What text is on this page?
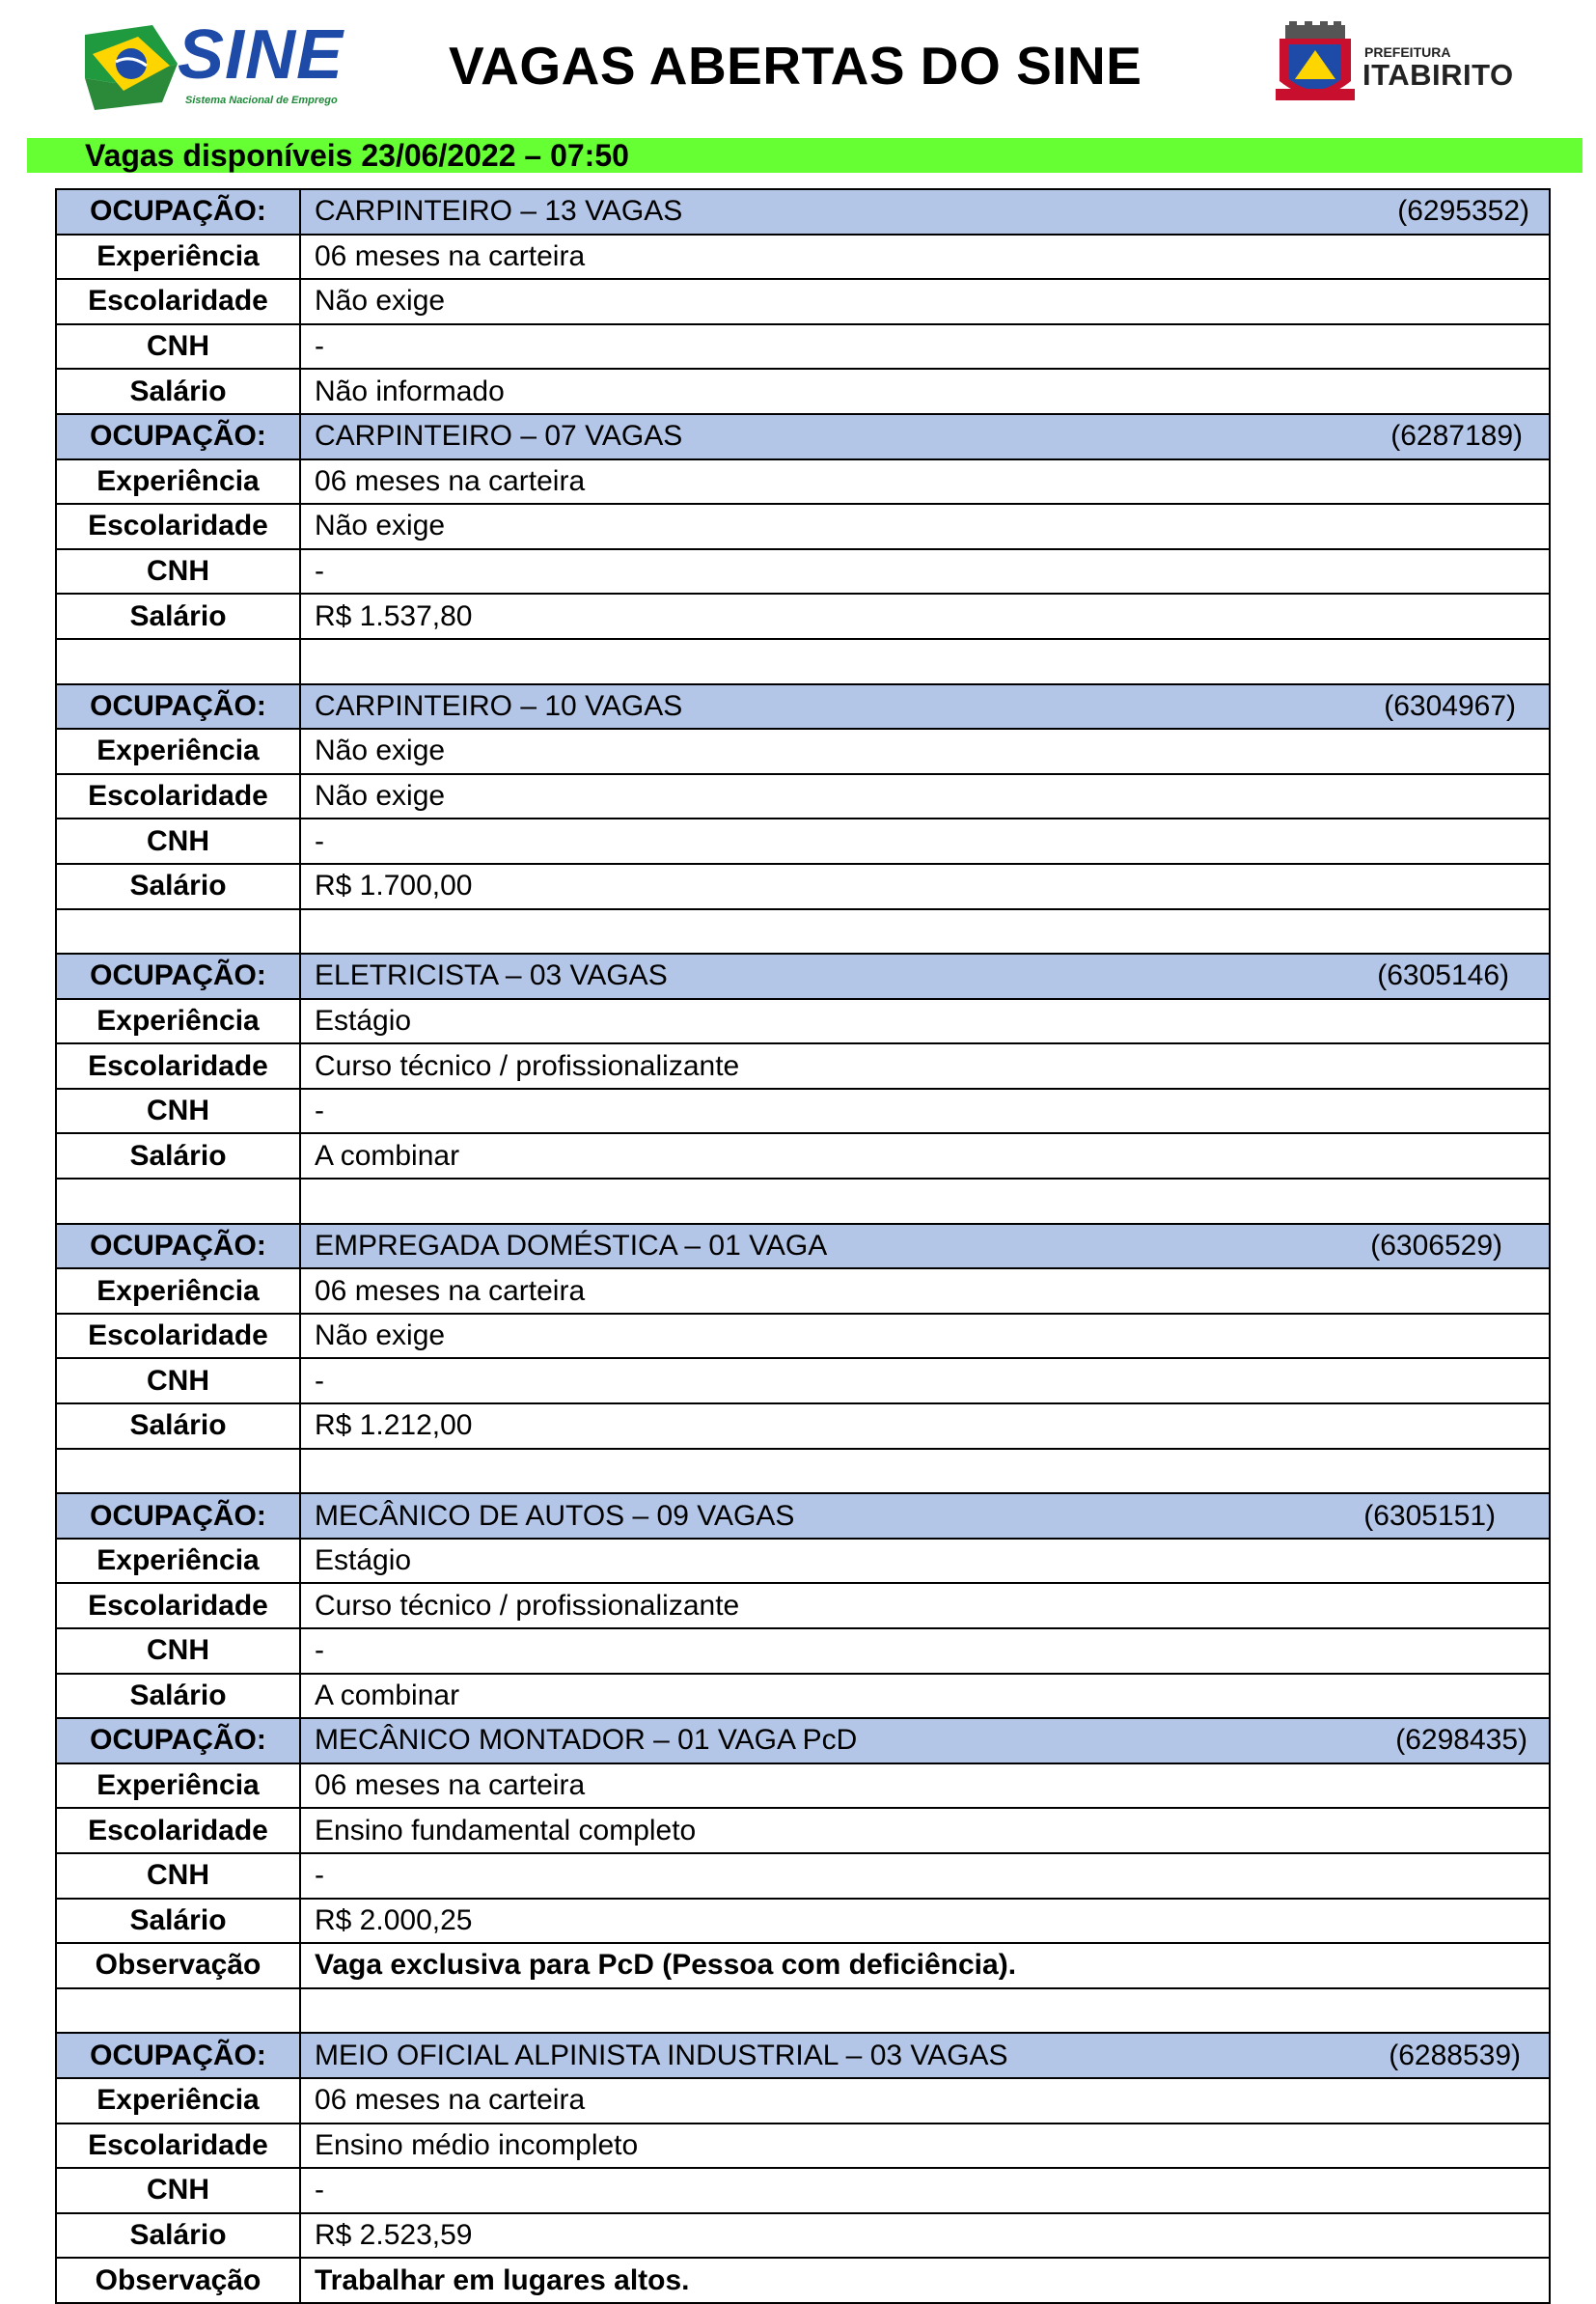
SINE
Sistema Nacional de Emprego
VAGAS ABERTAS DO SINE	PREFEITURA
ITABIRITO
Vagas disponíveis 23/06/2022 – 07:50
OCUPAÇÃO:	CARPINTEIRO – 13 VAGAS (6295352)

Experiência	06 meses na carteira
Escolaridade	Não exige
CNH	-
Salário	Não informado
OCUPAÇÃO:	CARPINTEIRO – 07 VAGAS (6287189)

Experiência	06 meses na carteira
Escolaridade	Não exige
CNH	-
Salário	R$ 1.537,80

OCUPAÇÃO:	CARPINTEIRO – 10 VAGAS (6304967)

Experiência	Não exige
Escolaridade	Não exige
CNH	-
Salário	R$ 1.700,00

OCUPAÇÃO:	ELETRICISTA – 03 VAGAS (6305146)

Experiência	Estágio
Escolaridade	Curso técnico / profissionalizante
CNH	-
Salário	A combinar

OCUPAÇÃO:	EMPREGADA DOMÉSTICA – 01 VAGA (6306529)

Experiência	06 meses na carteira
Escolaridade	Não exige
CNH	-
Salário	R$ 1.212,00

OCUPAÇÃO:	MECÂNICO DE AUTOS – 09 VAGAS (6305151)

Experiência	Estágio
Escolaridade	Curso técnico / profissionalizante
CNH	-
Salário	A combinar
OCUPAÇÃO:	MECÂNICO MONTADOR – 01 VAGA PcD (6298435)

Experiência	06 meses na carteira
Escolaridade	Ensino fundamental completo
CNH	-
Salário	R$ 2.000,25
Observação	Vaga exclusiva para PcD (Pessoa com deficiência).

OCUPAÇÃO:	MEIO OFICIAL ALPINISTA INDUSTRIAL – 03 VAGAS (6288539)

Experiência	06 meses na carteira
Escolaridade	Ensino médio incompleto
CNH	-
Salário	R$ 2.523,59
Observação	Trabalhar em lugares altos.
